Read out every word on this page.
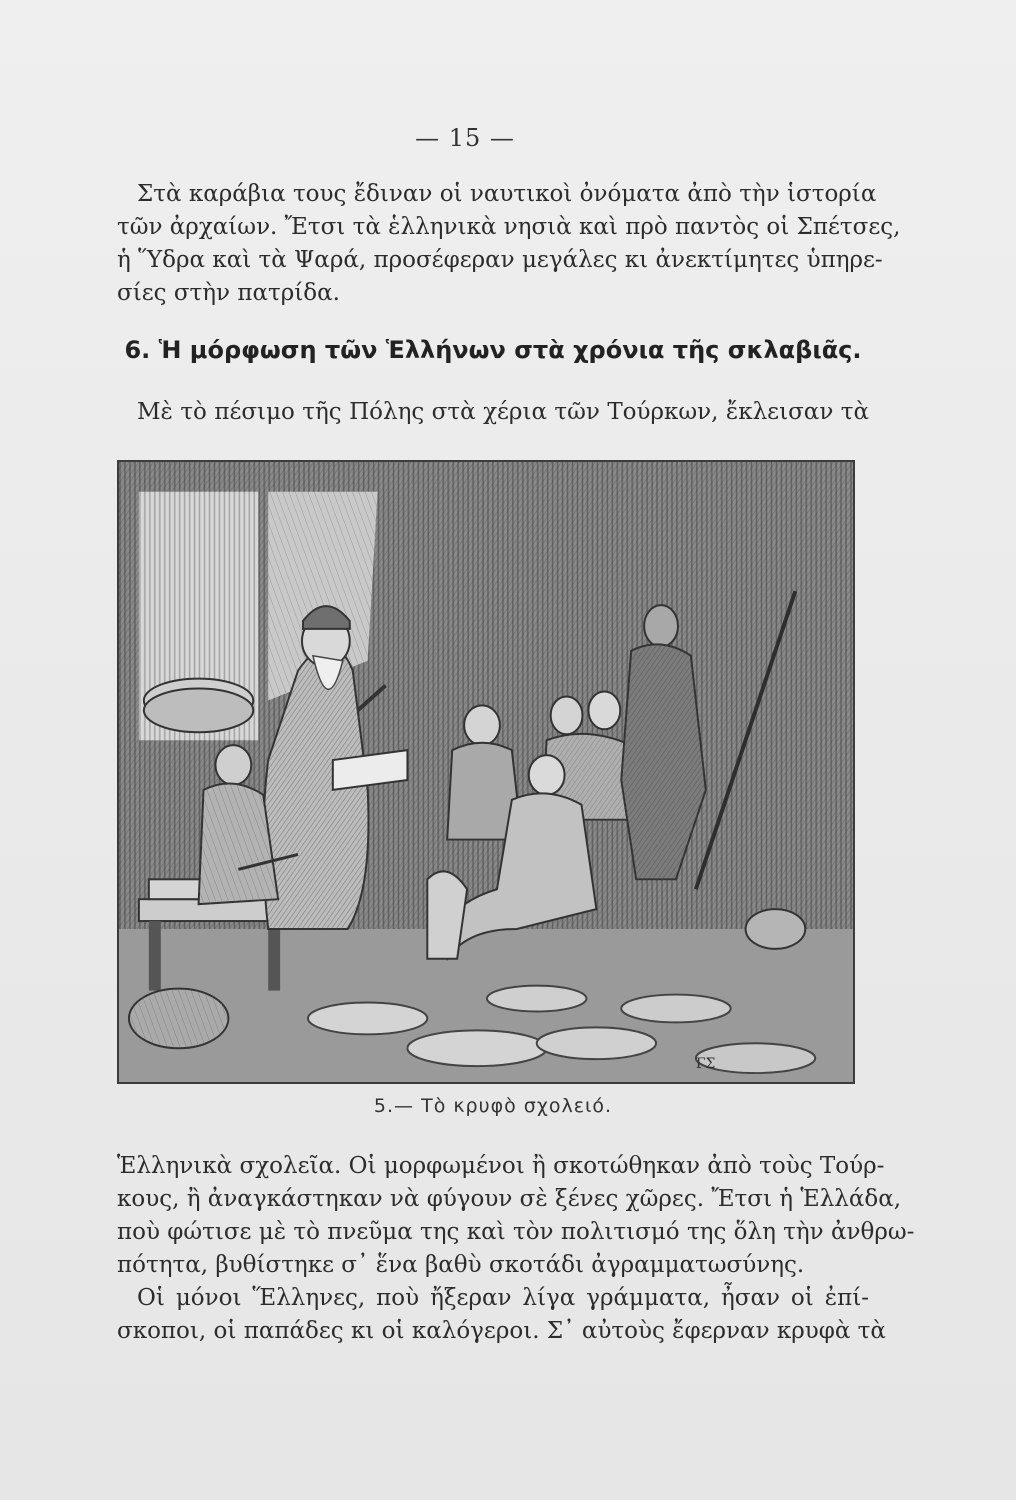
— 15 —
Στὰ καράβια τους ἔδιναν οἱ ναυτικοὶ ὀνόματα ἀπὸ τὴν ἱστορία
τῶν ἀρχαίων. Ἔτσι τὰ ἑλληνικὰ νησιὰ καὶ πρὸ παντὸς οἱ Σπέτσες,
ἡ Ὕδρα καὶ τὰ Ψαρά, προσέφεραν μεγάλες κι ἀνεκτίμητες ὑπηρε-
σίες στὴν πατρίδα.
6. Ἡ μόρφωση τῶν Ἑλλήνων στὰ χρόνια τῆς σκλαβιᾶς.
Μὲ τὸ πέσιμο τῆς Πόλης στὰ χέρια τῶν Τούρκων, ἔκλεισαν τὰ
ΓΣ
5.— Τὸ κρυφὸ σχολειό.
Ἑλληνικὰ σχολεῖα. Οἱ μορφωμένοι ἢ σκοτώθηκαν ἀπὸ τοὺς Τούρ-
κους, ἢ ἀναγκάστηκαν νὰ φύγουν σὲ ξένες χῶρες. Ἔτσι ἡ Ἑλλάδα,
ποὺ φώτισε μὲ τὸ πνεῦμα της καὶ τὸν πολιτισμό της ὅλη τὴν ἀνθρω-
πότητα, βυθίστηκε σ᾽ ἕνα βαθὺ σκοτάδι ἀγραμματωσύνης.
Οἱ μόνοι Ἕλληνες, ποὺ ἤξεραν λίγα γράμματα, ἦσαν οἱ ἐπί-
σκοποι, οἱ παπάδες κι οἱ καλόγεροι. Σ᾽ αὐτοὺς ἔφερναν κρυφὰ τὰ
